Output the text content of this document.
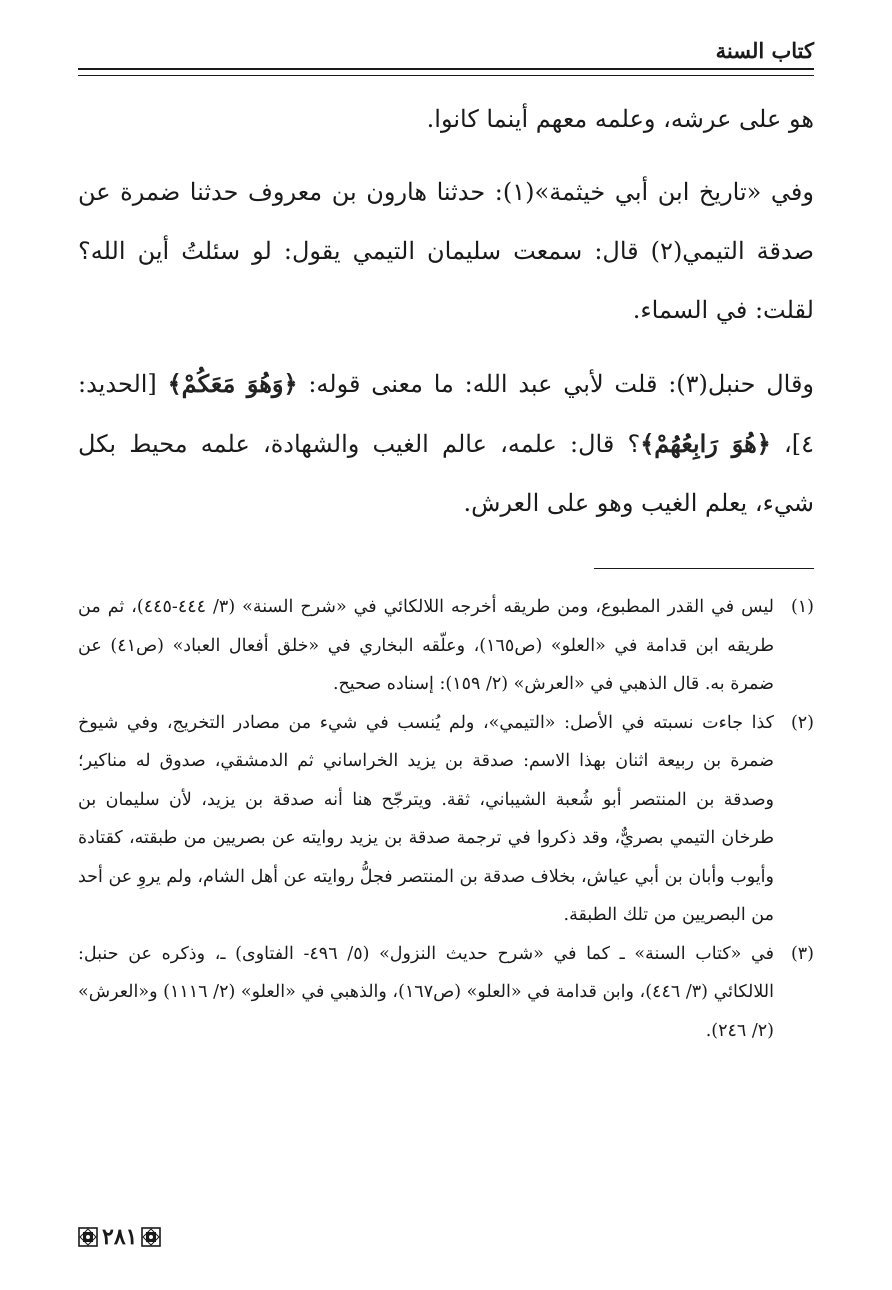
كتاب السنة

هو على عرشه، وعلمه معهم أينما كانوا.

وفي «تاريخ ابن أبي خيثمة»(١): حدثنا هارون بن معروف حدثنا ضمرة عن صدقة التيمي(٢) قال: سمعت سليمان التيمي يقول: لو سئلتُ أين الله؟ لقلت: في السماء.

وقال حنبل(٣): قلت لأبي عبد الله: ما معنى قوله: ﴿وَهُوَ مَعَكُمْ﴾ [الحديد: ٤]، ﴿هُوَ رَابِعُهُمْ﴾؟ قال: علمه، عالم الغيب والشهادة، علمه محيط بكل شيء، يعلم الغيب وهو على العرش.

(١)
ليس في القدر المطبوع، ومن طريقه أخرجه اللالكائي في «شرح السنة» (٣/ ٤٤٤-٤٤٥)، ثم من طريقه ابن قدامة في «العلو» (ص١٦٥)، وعلّقه البخاري في «خلق أفعال العباد» (ص٤١) عن ضمرة به. قال الذهبي في «العرش» (٢/ ١٥٩): إسناده صحيح.
(٢)
كذا جاءت نسبته في الأصل: «التيمي»، ولم يُنسب في شيء من مصادر التخريج، وفي شيوخ ضمرة بن ربيعة اثنان بهذا الاسم: صدقة بن يزيد الخراساني ثم الدمشقي، صدوق له مناكير؛ وصدقة بن المنتصر أبو شُعبة الشيباني، ثقة. ويترجّح هنا أنه صدقة بن يزيد، لأن سليمان بن طرخان التيمي بصريٌّ، وقد ذكروا في ترجمة صدقة بن يزيد روايته عن بصريين من طبقته، كقتادة وأيوب وأبان بن أبي عياش، بخلاف صدقة بن المنتصر فجلُّ روايته عن أهل الشام، ولم يروِ عن أحد من البصريين من تلك الطبقة.
(٣)
في «كتاب السنة» ـ كما في «شرح حديث النزول» (٥/ ٤٩٦- الفتاوى) ـ، وذكره عن حنبل: اللالكائي (٣/ ٤٤٦)، وابن قدامة في «العلو» (ص١٦٧)، والذهبي في «العلو» (٢/ ١١١٦) و«العرش» (٢/ ٢٤٦).
٢٨١
